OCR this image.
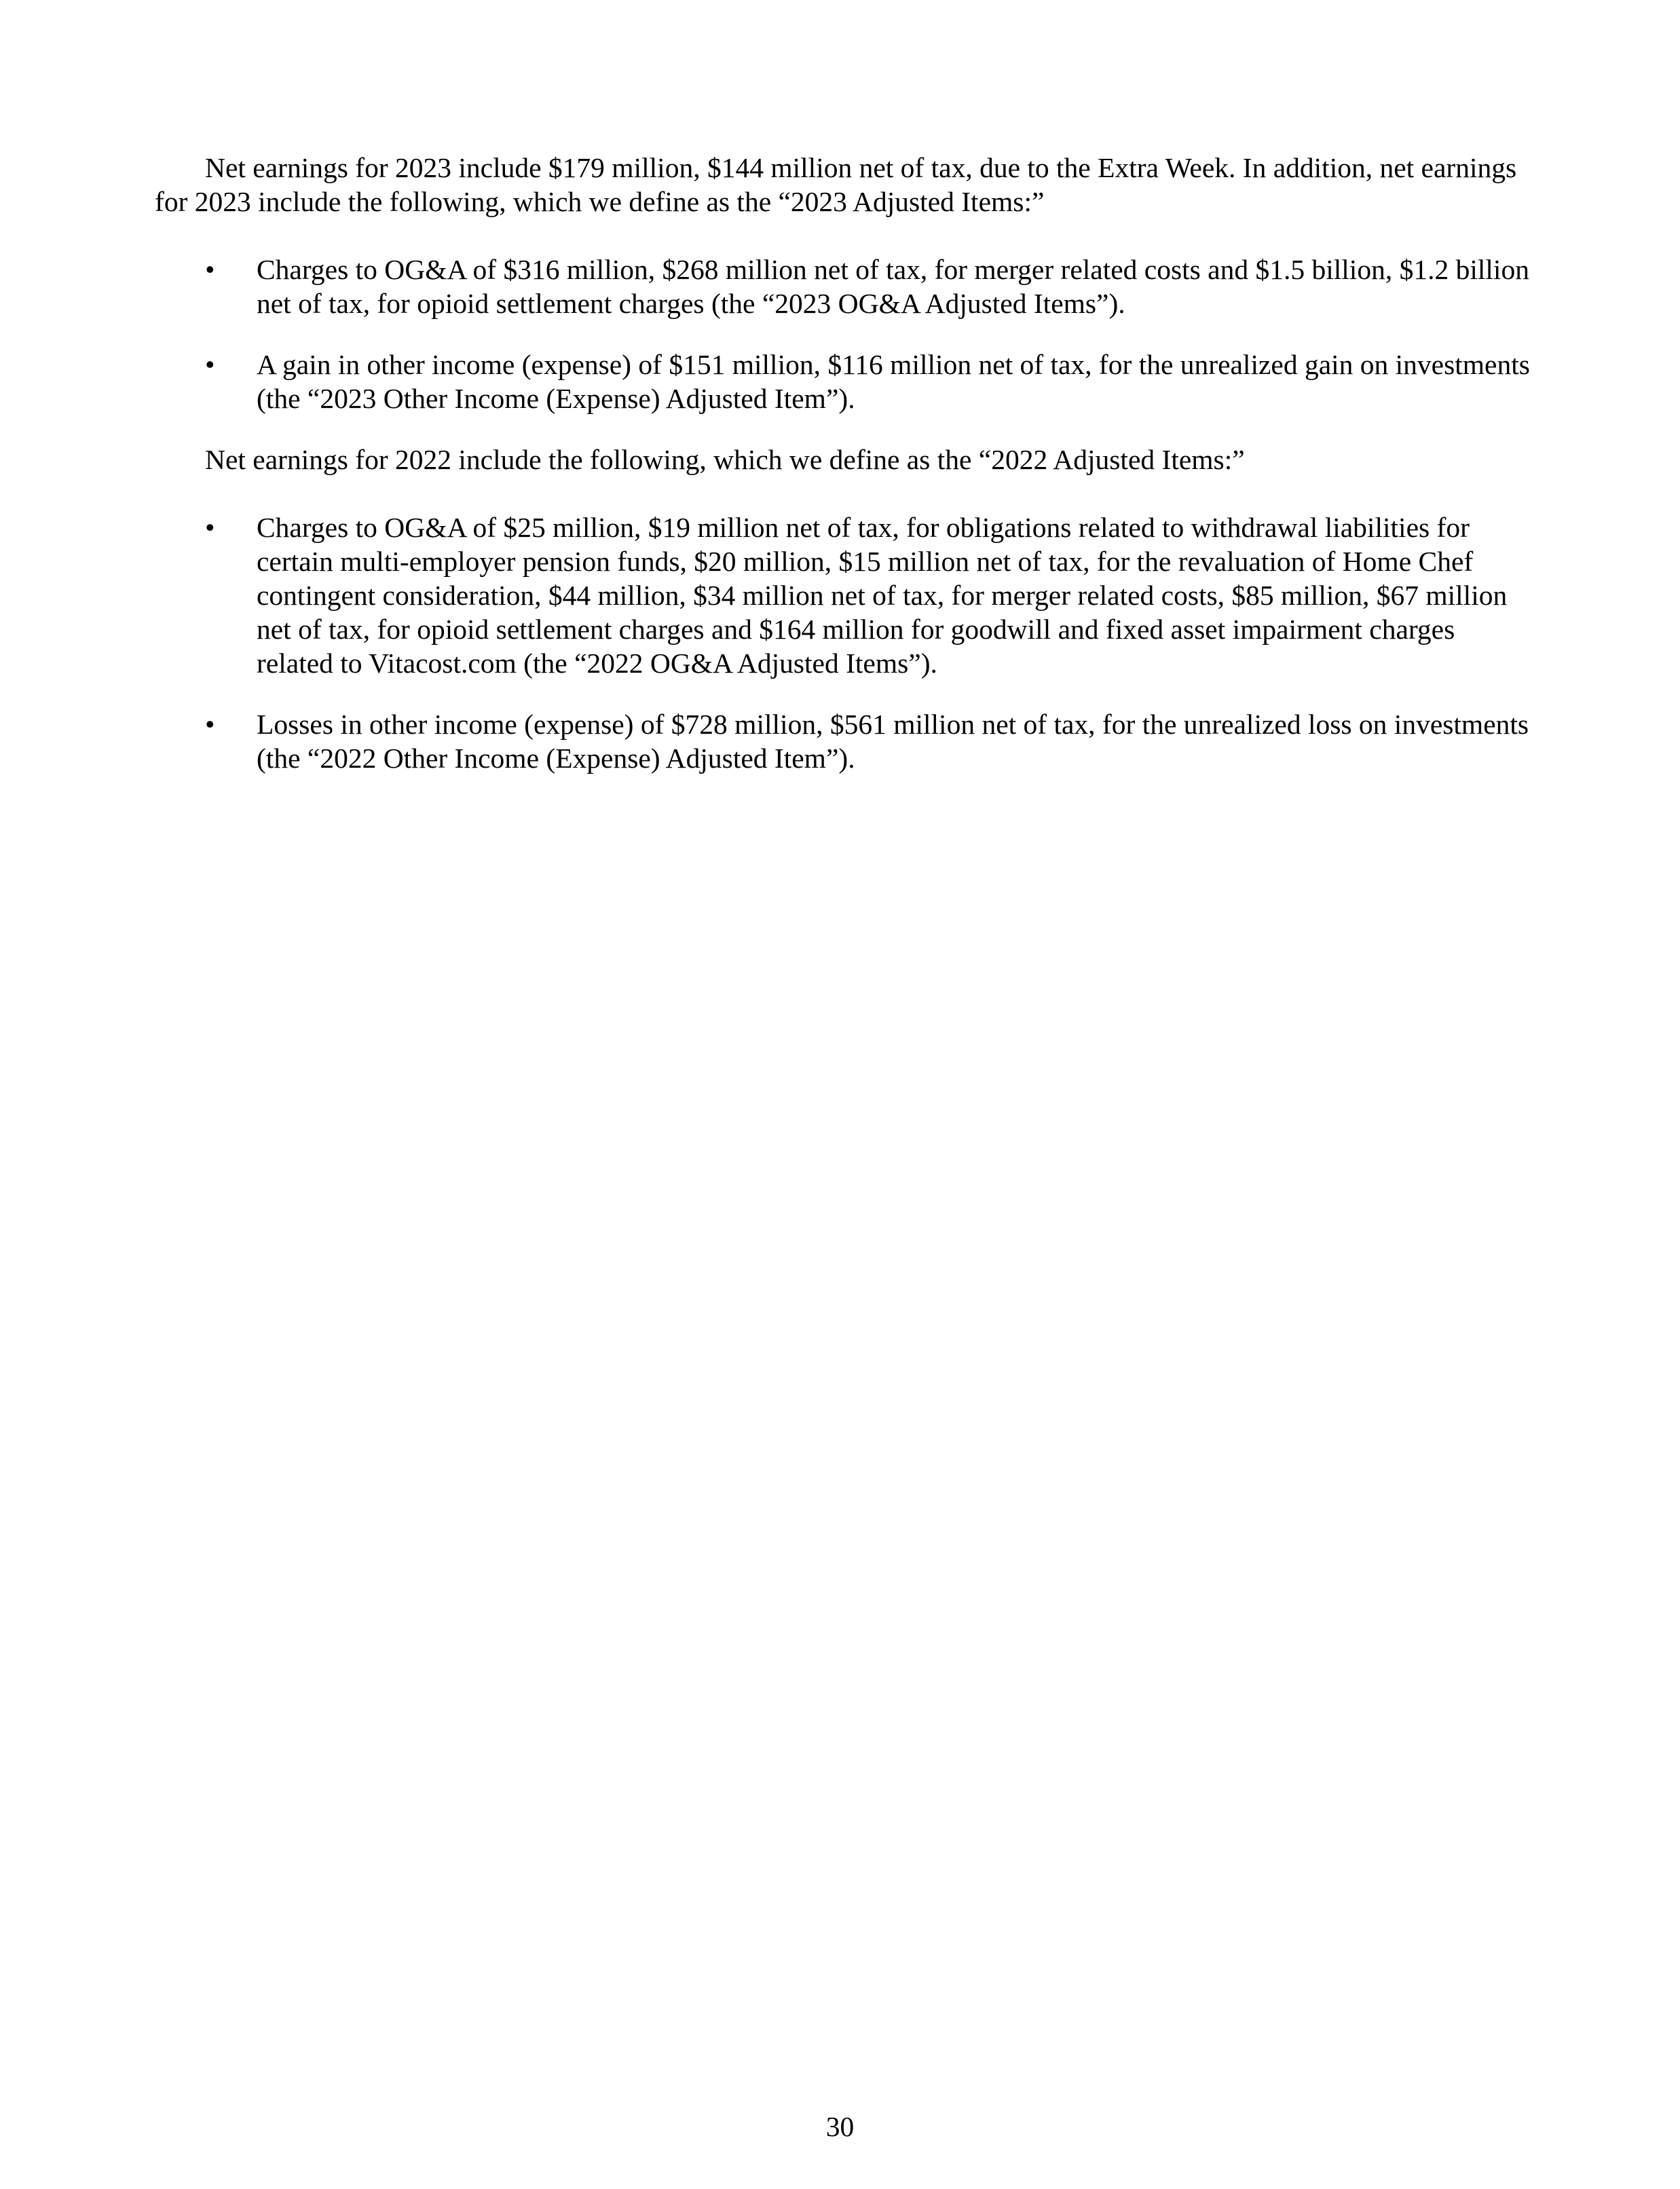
Net earnings for 2023 include $179 million, $144 million net of tax, due to the Extra Week. In addition, net earnings for 2023 include the following, which we define as the “2023 Adjusted Items:”

•	Charges to OG&A of $316 million, $268 million net of tax, for merger related costs and $1.5 billion, $1.2 billion net of tax, for opioid settlement charges (the “2023 OG&A Adjusted Items”).
•	A gain in other income (expense) of $151 million, $116 million net of tax, for the unrealized gain on investments (the “2023 Other Income (Expense) Adjusted Item”).

Net earnings for 2022 include the following, which we define as the “2022 Adjusted Items:”

•	Charges to OG&A of $25 million, $19 million net of tax, for obligations related to withdrawal liabilities for certain multi-employer pension funds, $20 million, $15 million net of tax, for the revaluation of Home Chef contingent consideration, $44 million, $34 million net of tax, for merger related costs, $85 million, $67 million net of tax, for opioid settlement charges and $164 million for goodwill and fixed asset impairment charges related to Vitacost.com (the “2022 OG&A Adjusted Items”).
•	Losses in other income (expense) of $728 million, $561 million net of tax, for the unrealized loss on investments (the “2022 Other Income (Expense) Adjusted Item”).
30
